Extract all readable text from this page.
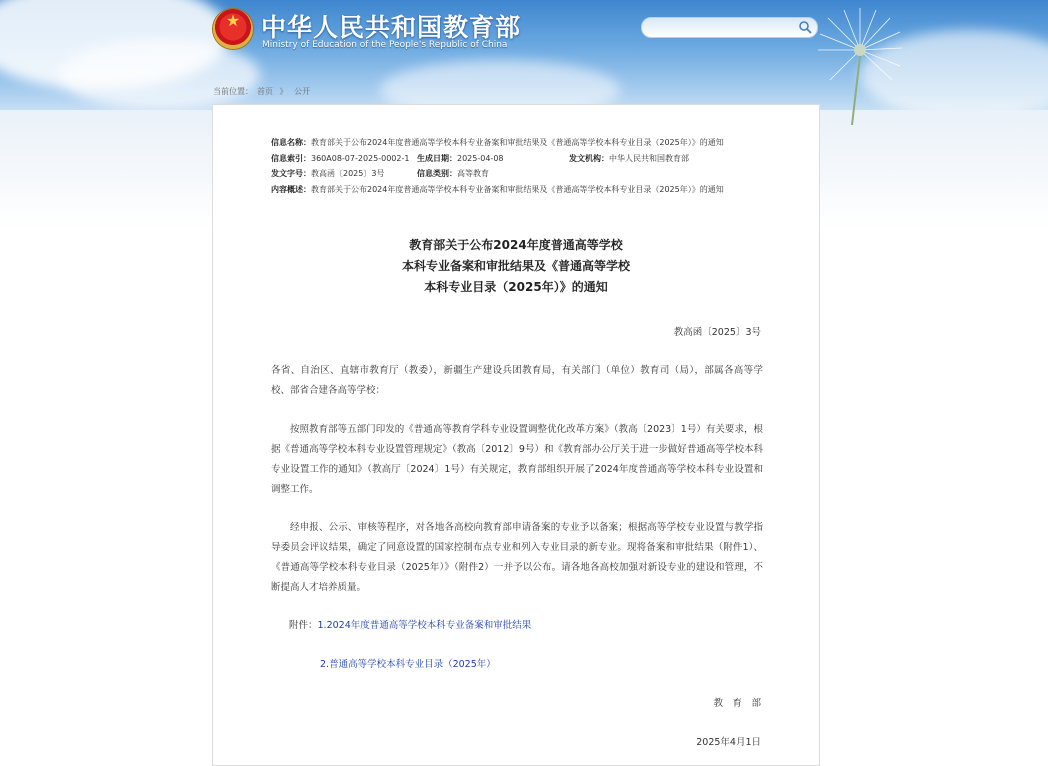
★
中华人民共和国教育部
Ministry of Education of the People's Republic of China
当前位置： 首页 》 公开
信息名称：教育部关于公布2024年度普通高等学校本科专业备案和审批结果及《普通高等学校本科专业目录（2025年）》的通知
信息索引：360A08-07-2025-0002-1 生成日期：2025-04-08	发文机构：中华人民共和国教育部
发文字号：教高函〔2025〕3号	信息类别：高等教育
内容概述：教育部关于公布2024年度普通高等学校本科专业备案和审批结果及《普通高等学校本科专业目录（2025年）》的通知
教育部关于公布2024年度普通高等学校
本科专业备案和审批结果及《普通高等学校
本科专业目录（2025年）》的通知
教高函〔2025〕3号
各省、自治区、直辖市教育厅（教委），新疆生产建设兵团教育局，有关部门（单位）教育司（局），部属各高等学校、部省合建各高等学校：
按照教育部等五部门印发的《普通高等教育学科专业设置调整优化改革方案》（教高〔2023〕1号）有关要求，根据《普通高等学校本科专业设置管理规定》（教高〔2012〕9号）和《教育部办公厅关于进一步做好普通高等学校本科专业设置工作的通知》（教高厅〔2024〕1号）有关规定，教育部组织开展了2024年度普通高等学校本科专业设置和调整工作。
经申报、公示、审核等程序，对各地各高校向教育部申请备案的专业予以备案；根据高等学校专业设置与教学指导委员会评议结果，确定了同意设置的国家控制布点专业和列入专业目录的新专业。现将备案和审批结果（附件1）、《普通高等学校本科专业目录（2025年）》（附件2）一并予以公布。请各地各高校加强对新设专业的建设和管理，不断提高人才培养质量。
附件：1.2024年度普通高等学校本科专业备案和审批结果
2.普通高等学校本科专业目录（2025年）
教　育　部
2025年4月1日
